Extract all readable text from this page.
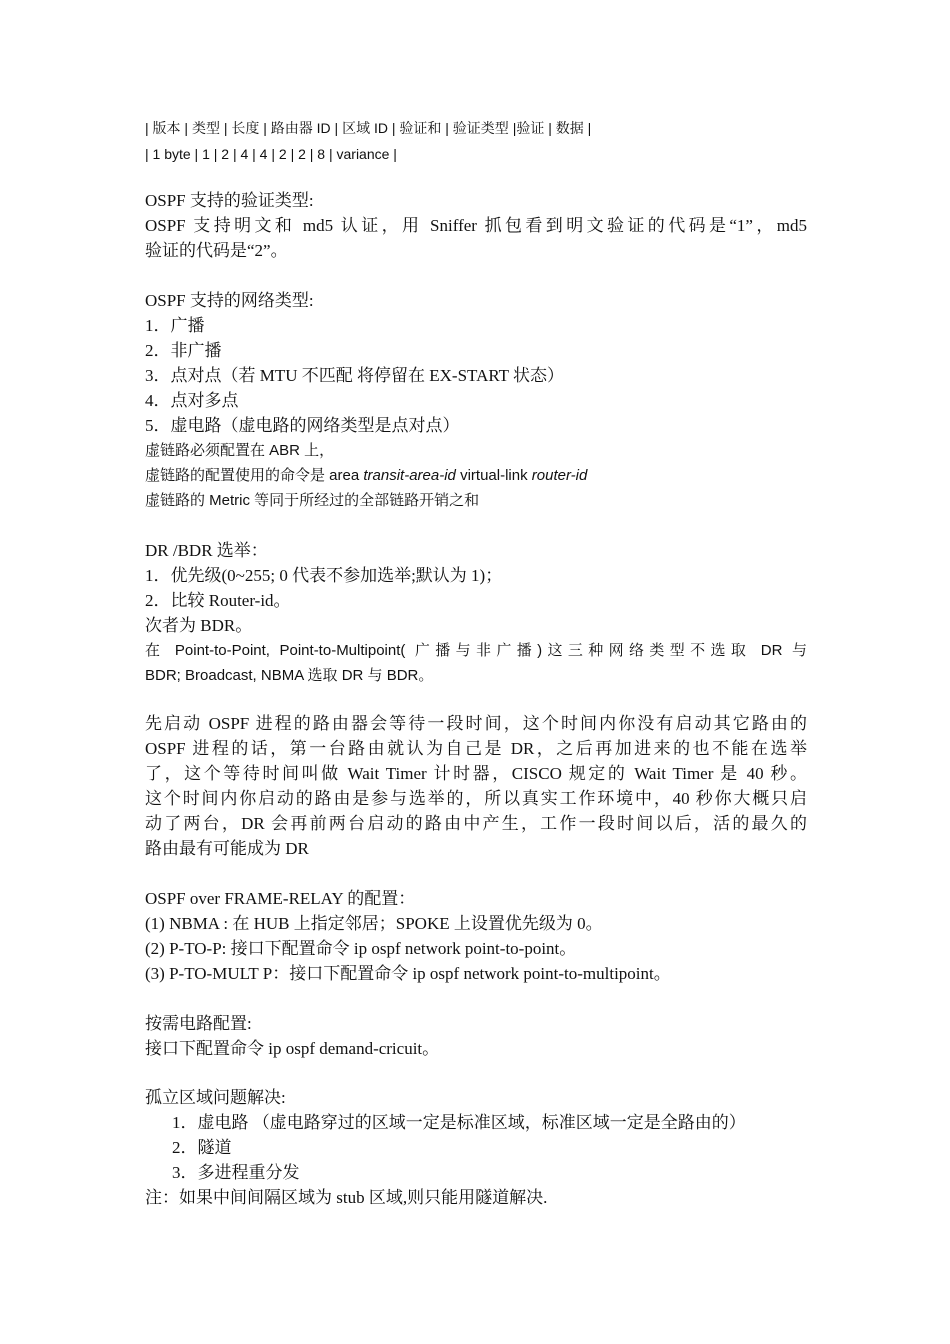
| 版本 | 类型 | 长度 | 路由器 ID | 区域 ID | 验证和 | 验证类型 |验证 | 数据 |
| 1 byte | 1 | 2 | 4 | 4 | 2 | 2 | 8 | variance |
OSPF 支持的验证类型:
OSPF 支持明文和 md5 认证，用 Sniffer 抓包看到明文验证的代码是“1”，md5
验证的代码是“2”。
OSPF 支持的网络类型:
1．广播
2．非广播
3．点对点（若 MTU 不匹配 将停留在 EX-START 状态）
4．点对多点
5．虚电路（虚电路的网络类型是点对点）
虚链路必须配置在 ABR 上，
虚链路的配置使用的命令是 area transit-area-id virtual-link router-id
虚链路的 Metric 等同于所经过的全部链路开销之和
DR /BDR 选举：
1．优先级(0~255; 0 代表不参加选举;默认为 1)；
2．比较 Router-id。
次者为 BDR。
在 Point-to-Point, Point-to-Multipoint( 广播与非广播)这三种网络类型不选取 DR 与
BDR; Broadcast, NBMA 选取 DR 与 BDR。
先启动 OSPF 进程的路由器会等待一段时间，这个时间内你没有启动其它路由的
OSPF 进程的话，第一台路由就认为自己是 DR，之后再加进来的也不能在选举
了，这个等待时间叫做 Wait Timer 计时器，CISCO 规定的 Wait Timer 是 40 秒。
这个时间内你启动的路由是参与选举的，所以真实工作环境中，40 秒你大概只启
动了两台，DR 会再前两台启动的路由中产生，工作一段时间以后，活的最久的
路由最有可能成为 DR
OSPF over FRAME-RELAY 的配置：
(1) NBMA : 在 HUB 上指定邻居；SPOKE 上设置优先级为 0。
(2) P-TO-P: 接口下配置命令 ip ospf network point-to-point。
(3) P-TO-MULT P：接口下配置命令 ip ospf network point-to-multipoint。
按需电路配置:
接口下配置命令 ip ospf demand-cricuit。
孤立区域问题解决:
1．虚电路 （虚电路穿过的区域一定是标准区域，标准区域一定是全路由的）
2．隧道
3．多进程重分发
注：如果中间间隔区域为 stub 区域,则只能用隧道解决.
